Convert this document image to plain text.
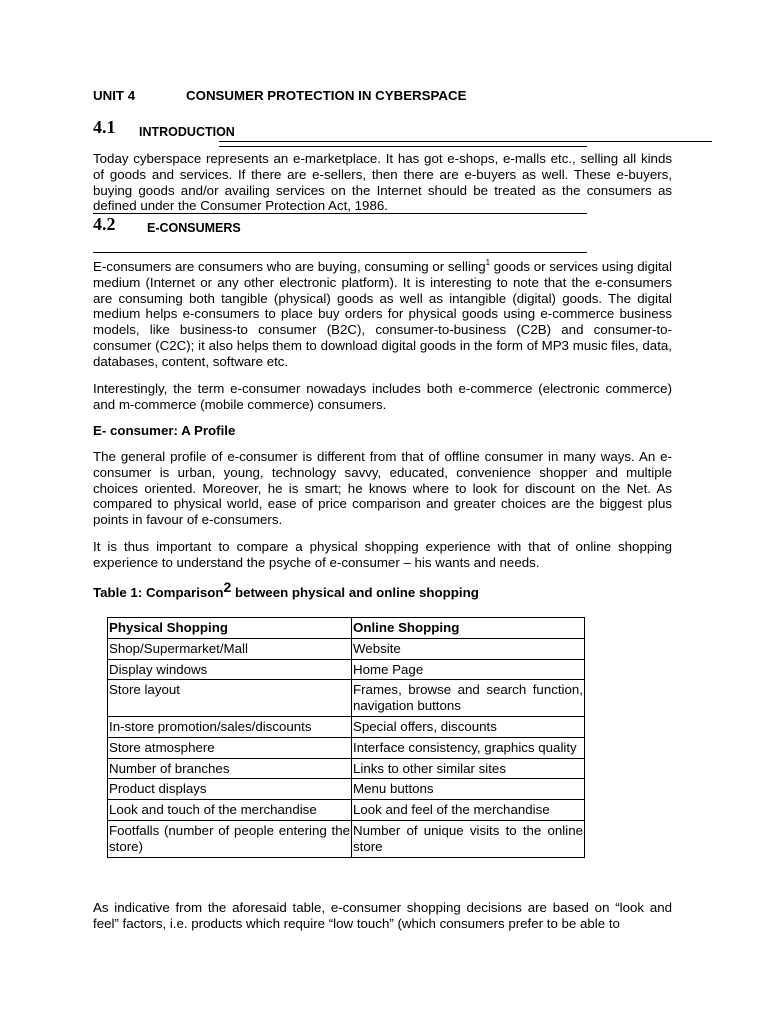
UNIT 4	CONSUMER PROTECTION IN CYBERSPACE
4.1 INTRODUCTION

Today cyberspace represents an e-marketplace. It has got e-shops, e-malls etc., selling all kinds of goods and services. If there are e-sellers, then there are e-buyers as well. These e-buyers, buying goods and/or availing services on the Internet should be treated as the consumers as defined under the Consumer Protection Act, 1986.

4.2	E-CONSUMERS

E-consumers are consumers who are buying, consuming or selling$^1$ goods or services using digital medium (Internet or any other electronic platform). It is interesting to note that the e-consumers are consuming both tangible (physical) goods as well as intangible (digital) goods. The digital medium helps e-consumers to place buy orders for physical goods using e-commerce business models, like business-to consumer (B2C), consumer-to-business (C2B) and consumer-to-consumer (C2C); it also helps them to download digital goods in the form of MP3 music files, data, databases, content, software etc.

Interestingly, the term e-consumer nowadays includes both e-commerce (electronic commerce) and m-commerce (mobile commerce) consumers.

E- consumer: A Profile

The general profile of e-consumer is different from that of offline consumer in many ways. An e-consumer is urban, young, technology savvy, educated, convenience shopper and multiple choices oriented. Moreover, he is smart; he knows where to look for discount on the Net. As compared to physical world, ease of price comparison and greater choices are the biggest plus points in favour of e-consumers.

It is thus important to compare a physical shopping experience with that of online shopping experience to understand the psyche of e-consumer – his wants and needs.

Table 1: Comparison$^2$ between physical and online shopping
Physical Shopping	Online Shopping
Shop/Supermarket/Mall	Website
Display windows	Home Page
Store layout	Frames, browse and search function, navigation buttons
In-store promotion/sales/discounts	Special offers, discounts
Store atmosphere	Interface consistency, graphics quality
Number of branches	Links to other similar sites
Product displays	Menu buttons
Look and touch of the merchandise	Look and feel of the merchandise
Footfalls (number of people entering the store)	Number of unique visits to the online store

As indicative from the aforesaid table, e-consumer shopping decisions are based on “look and feel” factors, i.e. products which require “low touch” (which consumers prefer to be able to
